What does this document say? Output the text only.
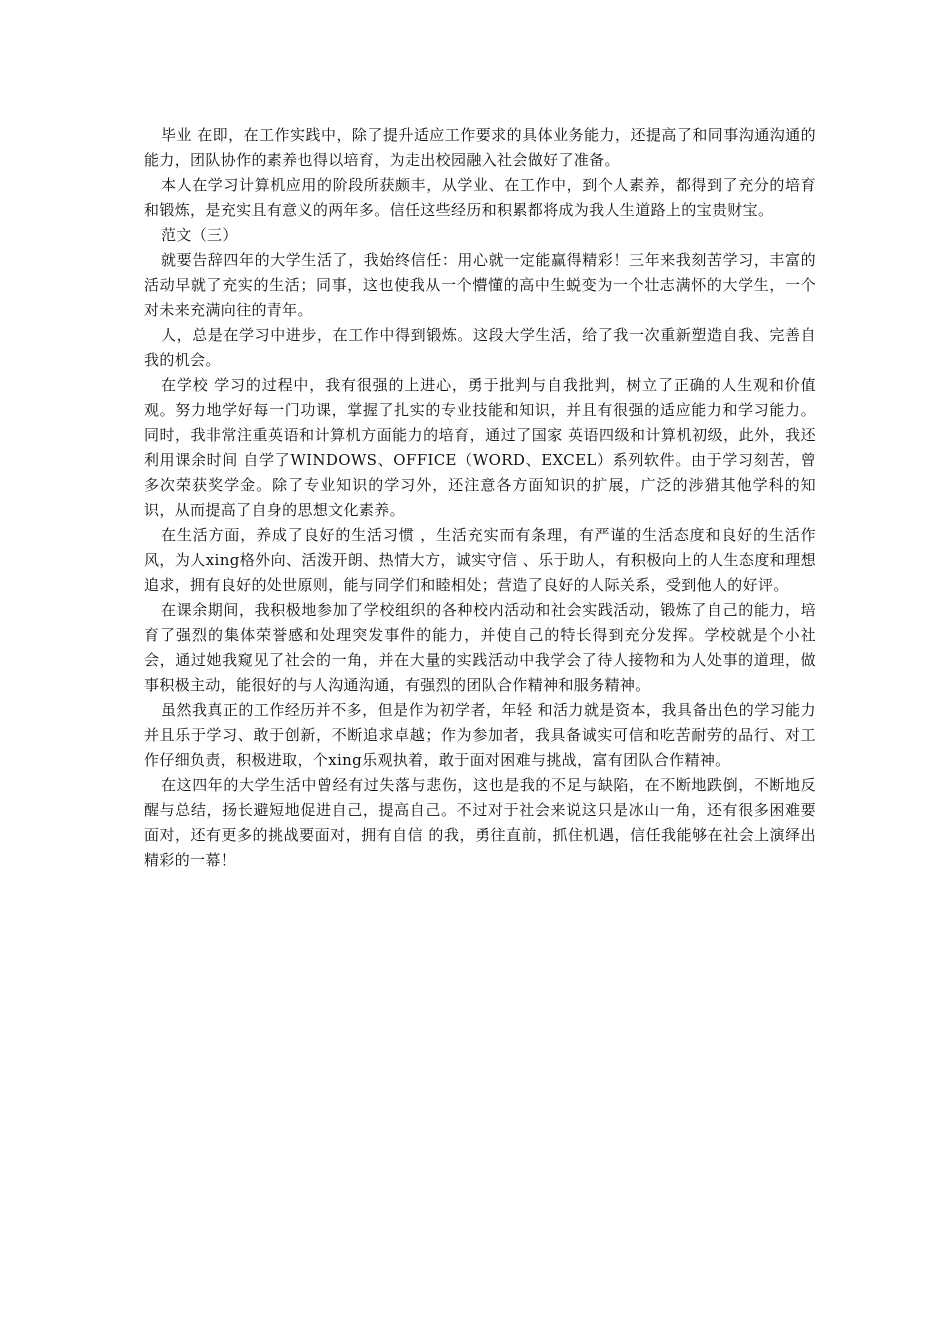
毕业 在即，在工作实践中，除了提升适应工作要求的具体业务能力，还提高了和同事沟通沟通的能力，团队协作的素养也得以培育，为走出校园融入社会做好了准备。

本人在学习计算机应用的阶段所获颇丰，从学业、在工作中，到个人素养，都得到了充分的培育和锻炼，是充实且有意义的两年多。信任这些经历和积累都将成为我人生道路上的宝贵财宝。

范文（三）

就要告辞四年的大学生活了，我始终信任：用心就一定能赢得精彩！三年来我刻苦学习，丰富的活动早就了充实的生活；同事，这也使我从一个懵懂的高中生蜕变为一个壮志满怀的大学生，一个对未来充满向往的青年。

人，总是在学习中进步，在工作中得到锻炼。这段大学生活，给了我一次重新塑造自我、完善自我的机会。

在学校 学习的过程中，我有很强的上进心，勇于批判与自我批判，树立了正确的人生观和价值观。努力地学好每一门功课，掌握了扎实的专业技能和知识，并且有很强的适应能力和学习能力。同时，我非常注重英语和计算机方面能力的培育，通过了国家 英语四级和计算机初级，此外，我还利用课余时间 自学了WINDOWS、OFFICE（WORD、EXCEL）系列软件。由于学习刻苦，曾多次荣获奖学金。除了专业知识的学习外，还注意各方面知识的扩展，广泛的涉猎其他学科的知识，从而提高了自身的思想文化素养。

在生活方面，养成了良好的生活习惯 ，生活充实而有条理，有严谨的生活态度和良好的生活作风，为人xing格外向、活泼开朗、热情大方，诚实守信 、乐于助人，有积极向上的人生态度和理想追求，拥有良好的处世原则，能与同学们和睦相处；营造了良好的人际关系，受到他人的好评。

在课余期间，我积极地参加了学校组织的各种校内活动和社会实践活动，锻炼了自己的能力，培育了强烈的集体荣誉感和处理突发事件的能力，并使自己的特长得到充分发挥。学校就是个小社会，通过她我窥见了社会的一角，并在大量的实践活动中我学会了待人接物和为人处事的道理，做事积极主动，能很好的与人沟通沟通，有强烈的团队合作精神和服务精神。

虽然我真正的工作经历并不多，但是作为初学者，年轻 和活力就是资本，我具备出色的学习能力并且乐于学习、敢于创新，不断追求卓越；作为参加者，我具备诚实可信和吃苦耐劳的品行、对工作仔细负责，积极进取，个xing乐观执着，敢于面对困难与挑战，富有团队合作精神。

在这四年的大学生活中曾经有过失落与悲伤，这也是我的不足与缺陷，在不断地跌倒，不断地反醒与总结，扬长避短地促进自己，提高自己。不过对于社会来说这只是冰山一角，还有很多困难要面对，还有更多的挑战要面对，拥有自信 的我，勇往直前，抓住机遇，信任我能够在社会上演绎出精彩的一幕！
